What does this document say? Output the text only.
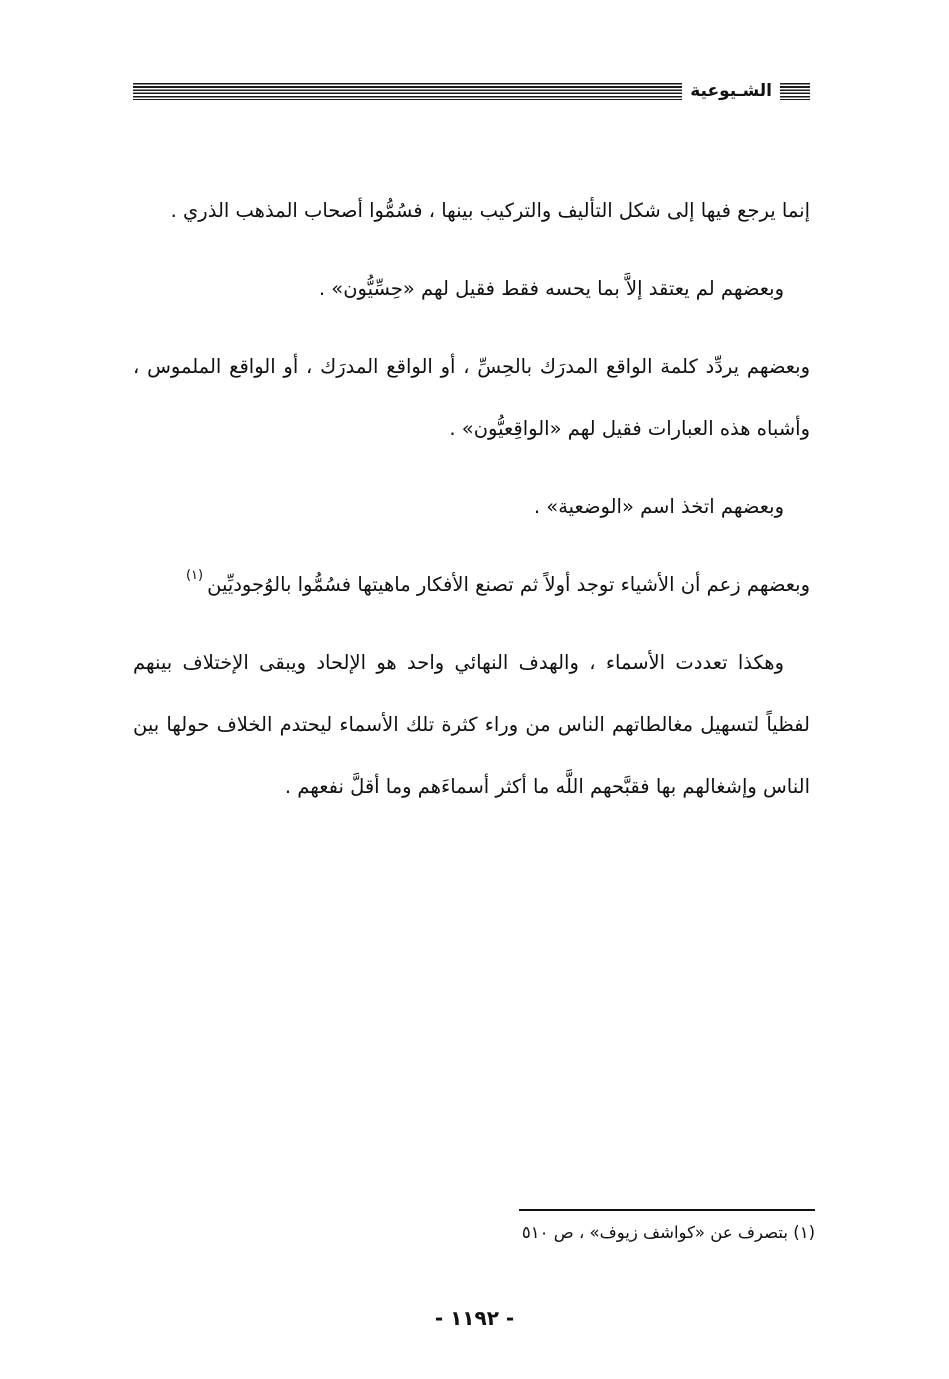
الشـيوعية

إنما يرجع فيها إلى شكل التأليف والتركيب بينها ، فسُمُّوا أصحاب المذهب الذري .

وبعضهم لم يعتقد إلاَّ بما يحسه فقط فقيل لهم «حِسِّيُّون» .

وبعضهم يردِّد كلمة الواقع المدرَك بالحِسِّ ، أو الواقع المدرَك ، أو الواقع الملموس ، وأشباه هذه العبارات فقيل لهم «الواقِعيُّون» .

وبعضهم اتخذ اسم «الوضعية» .

وبعضهم زعم أن الأشياء توجد أولاً ثم تصنع الأفكار ماهيتها فسُمُّوا بالوُجوديِّين$^{(١)}$

وهكذا تعددت الأسماء ، والهدف النهائي واحد هو الإلحاد ويبقى الإختلاف بينهم لفظياً لتسهيل مغالطاتهم الناس من وراء كثرة تلك الأسماء ليحتدم الخلاف حولها بين الناس وإشغالهم بها فقبَّحهم اللَّه ما أكثر أسماءَهم وما أقلَّ نفعهم .

(١) بتصرف عن «كواشف زيوف» ، ص ٥١٠
- ١١٩٢ -
